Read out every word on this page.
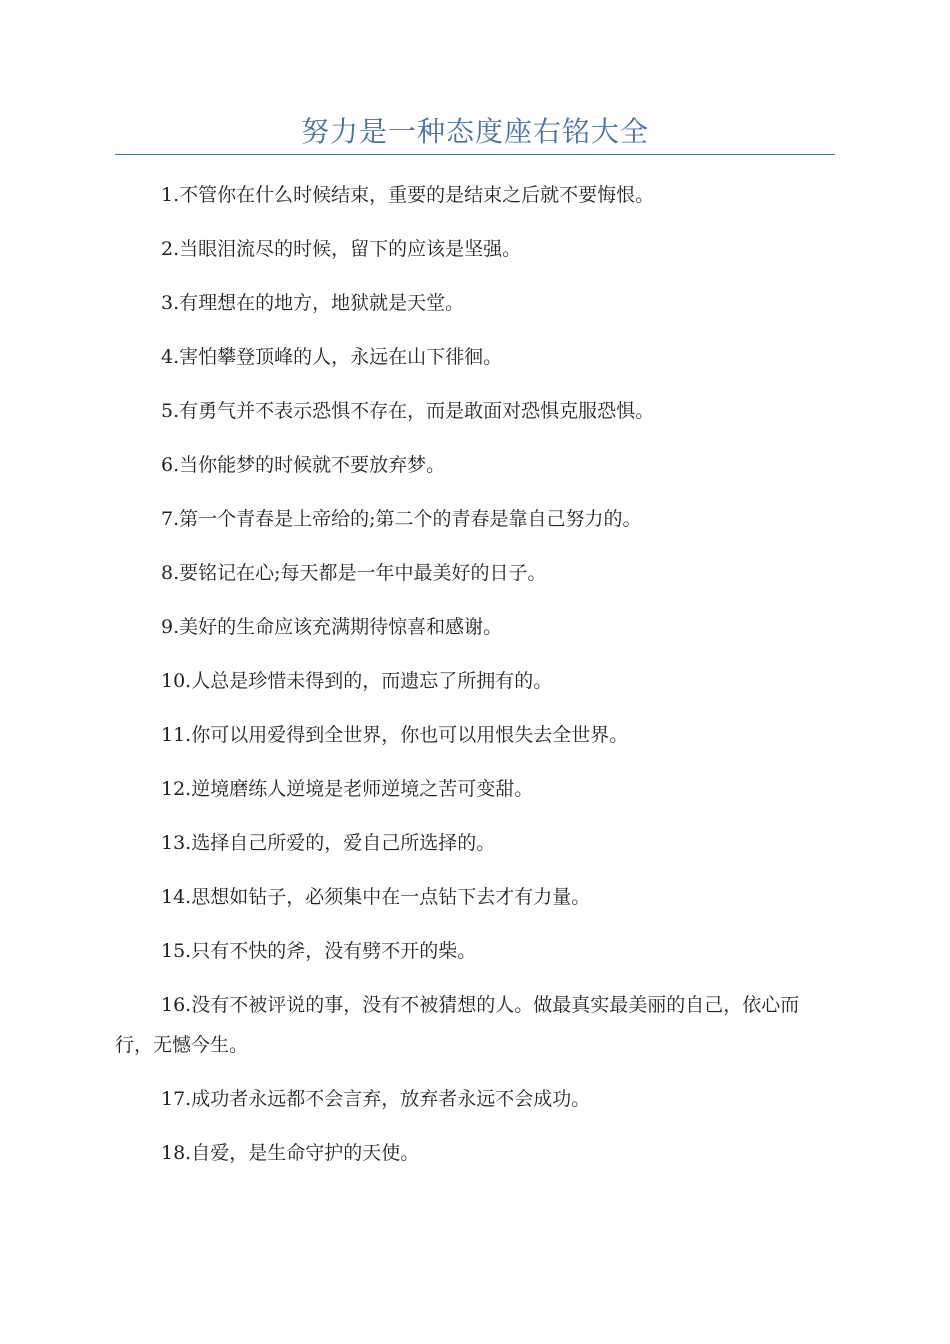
努力是一种态度座右铭大全

1.不管你在什么时候结束，重要的是结束之后就不要悔恨。

2.当眼泪流尽的时候，留下的应该是坚强。

3.有理想在的地方，地狱就是天堂。

4.害怕攀登顶峰的人，永远在山下徘徊。

5.有勇气并不表示恐惧不存在，而是敢面对恐惧克服恐惧。

6.当你能梦的时候就不要放弃梦。

7.第一个青春是上帝给的;第二个的青春是靠自己努力的。

8.要铭记在心;每天都是一年中最美好的日子。

9.美好的生命应该充满期待惊喜和感谢。

10.人总是珍惜未得到的，而遗忘了所拥有的。

11.你可以用爱得到全世界，你也可以用恨失去全世界。

12.逆境磨练人逆境是老师逆境之苦可变甜。

13.选择自己所爱的，爱自己所选择的。

14.思想如钻子，必须集中在一点钻下去才有力量。

15.只有不快的斧，没有劈不开的柴。

16.没有不被评说的事，没有不被猜想的人。做最真实最美丽的自己，依心而行，无憾今生。

17.成功者永远都不会言弃，放弃者永远不会成功。

18.自爱，是生命守护的天使。
